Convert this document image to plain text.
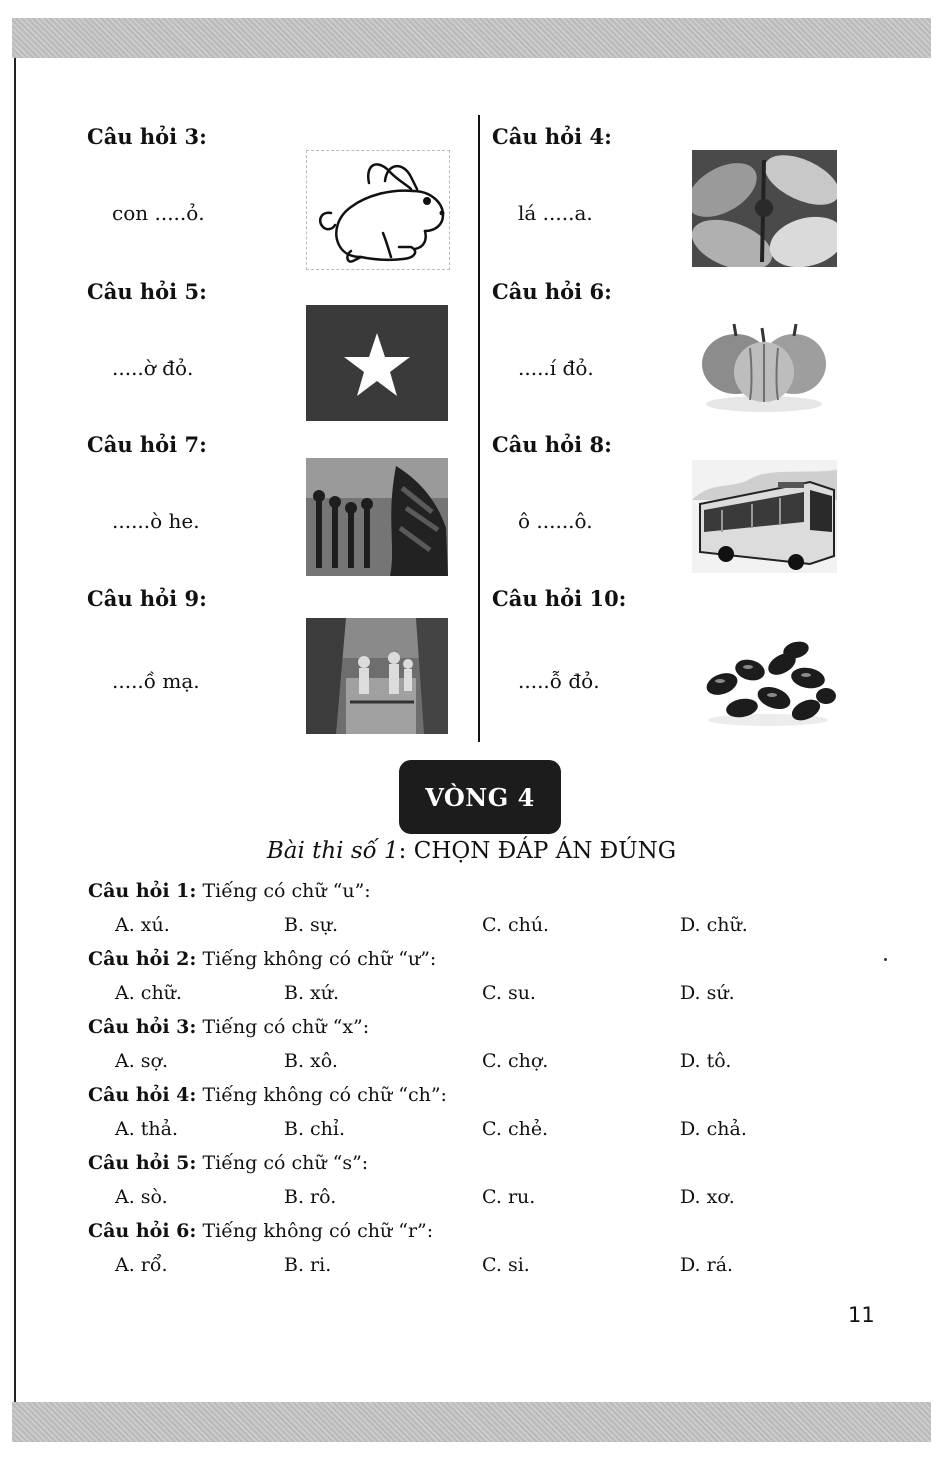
Câu hỏi 3:
con .....ỏ.
Câu hỏi 4:
lá .....a.
Câu hỏi 5:
.....ờ đỏ.
Câu hỏi 6:
.....í đỏ.
Câu hỏi 7:
......ò he.
Câu hỏi 8:
ô ......ô.
Câu hỏi 9:
.....ồ mạ.
Câu hỏi 10:
.....ỗ đỏ.
VÒNG 4
Bài thi số 1: CHỌN ĐÁP ÁN ĐÚNG
Câu hỏi 1: Tiếng có chữ “u”:
A. xú.	B. sự.	C. chú.	D. chữ.
Câu hỏi 2: Tiếng không có chữ “ư”:
A. chữ.	B. xứ.	C. su.	D. sứ.
Câu hỏi 3: Tiếng có chữ “x”:
A. sợ.	B. xô.	C. chợ.	D. tô.
Câu hỏi 4: Tiếng không có chữ “ch”:
A. thả.	B. chỉ.	C. chẻ.	D. chả.
Câu hỏi 5: Tiếng có chữ “s”:
A. sò.	B. rô.	C. ru.	D. xơ.
Câu hỏi 6: Tiếng không có chữ “r”:
A. rổ.	B. ri.	C. si.	D. rá.
11
